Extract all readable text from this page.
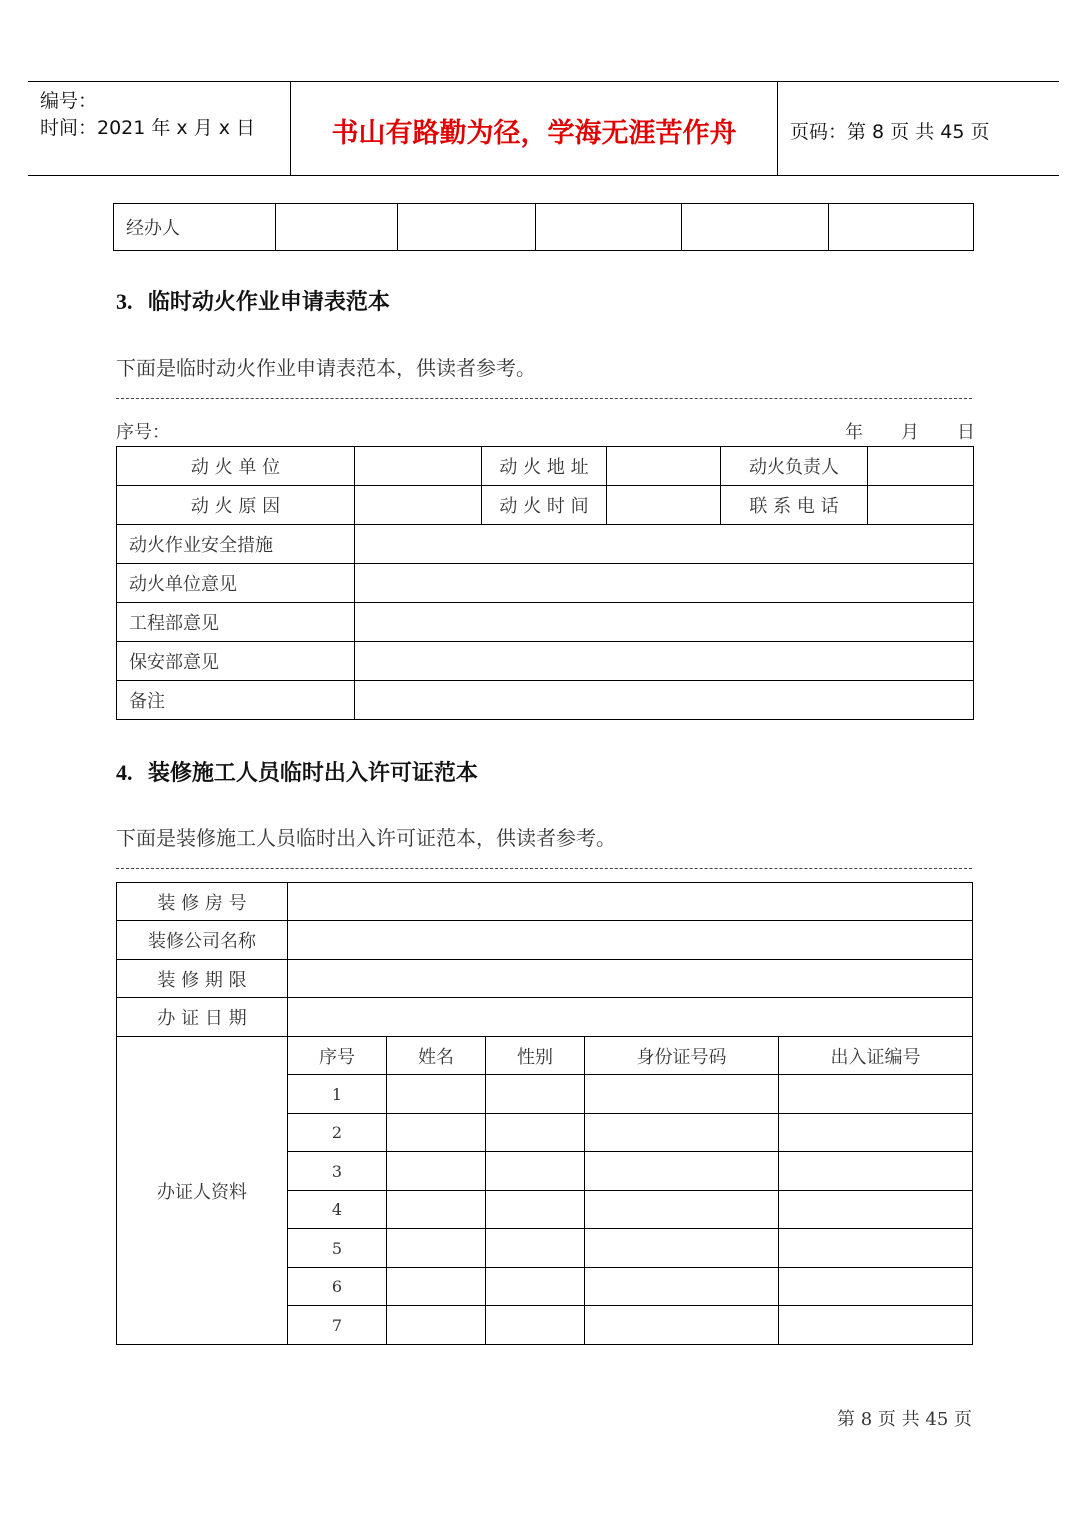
编号：
时间：2021 年 x 月 x 日	书山有路勤为径，学海无涯苦作舟	页码：第 8 页 共 45 页
经办人					
3. 临时动火作业申请表范本
下面是临时动火作业申请表范本，供读者参考。
序号：	年 月 日
动 火 单 位		动 火 地 址		动火负责人	
动 火 原 因		动 火 时 间		联 系 电 话	
动火作业安全措施					
动火单位意见					
工程部意见					
保安部意见					
备注					
4. 装修施工人员临时出入许可证范本
下面是装修施工人员临时出入许可证范本，供读者参考。
装 修 房 号					
装修公司名称					
装 修 期 限					
办 证 日 期					
办证人资料	序号	姓名	性别	身份证号码	出入证编号
	1				
	2				
	3				
	4				
	5				
	6				
	7				
第 8 页 共 45 页
